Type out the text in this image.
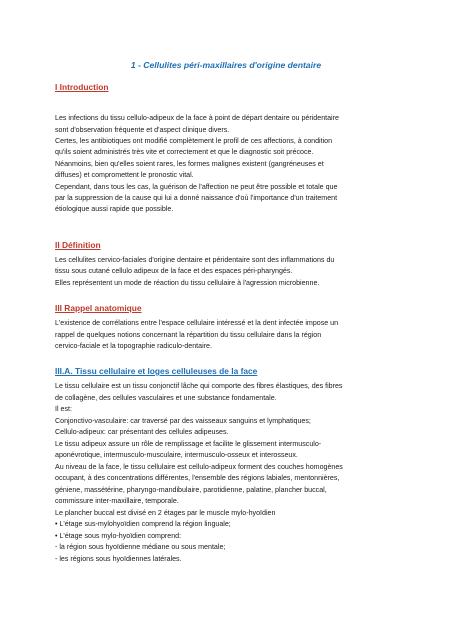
1 - Cellulites péri-maxillaires d'origine dentaire
I Introduction
Les infections du tissu cellulo-adipeux de la face à point de départ dentaire ou péridentaire
sont d'observation fréquente et d'aspect clinique divers.
Certes, les antibiotiques ont modifié complètement le profil de ces affections, à condition
qu'ils soient administrés très vite et correctement et que le diagnostic soit précoce.
Néanmoins, bien qu'elles soient rares, les formes malignes existent (gangréneuses et
diffuses) et compromettent le pronostic vital.
Cependant, dans tous les cas, la guérison de l'affection ne peut être possible et totale que
par la suppression de la cause qui lui a donné naissance d'où l'importance d'un traitement
étiologique aussi rapide que possible.
II Définition
Les cellulites cervico-faciales d'origine dentaire et péridentaire sont des inflammations du
tissu sous cutané cellulo adipeux de la face et des espaces péri-pharyngés.
Elles représentent un mode de réaction du tissu cellulaire à l'agression microbienne.
III Rappel anatomique
L'existence de corrélations entre l'espace cellulaire intéressé et la dent infectée impose un
rappel de quelques notions concernant la répartition du tissu cellulaire dans la région
cervico-faciale et la topographie radiculo-dentaire.
III.A. Tissu cellulaire et loges celluleuses de la face
Le tissu cellulaire est un tissu conjonctif lâche qui comporte des fibres élastiques, des fibres
de collagène, des cellules vasculaires et une substance fondamentale.
Il est:
Conjonctivo-vasculaire: car traversé par des vaisseaux sanguins et lymphatiques;
Cellulo-adipeux: car présentant des cellules adipeuses.
Le tissu adipeux assure un rôle de remplissage et facilite le glissement intermusculo-
aponévrotique, intermusculo-musculaire, intermusculo-osseux et interosseux.
Au niveau de la face, le tissu cellulaire est cellulo-adipeux forment des couches homogènes
occupant, à des concentrations différentes, l'ensemble des régions labiales, mentonnières,
géniene, massétérine, pharyngo-mandibulaire, parotidienne, palatine, plancher buccal,
commissure inter-maxillaire, temporale.
Le plancher buccal est divisé en 2 étages par le muscle mylo-hyoïdien
• L'étage sus-mylohyoïdien comprend la région linguale;
• L'étage sous mylo-hyoïdien comprend:
- la région sous hyoïdienne médiane ou sous mentale;
- les régions sous hyoïdiennes latérales.
